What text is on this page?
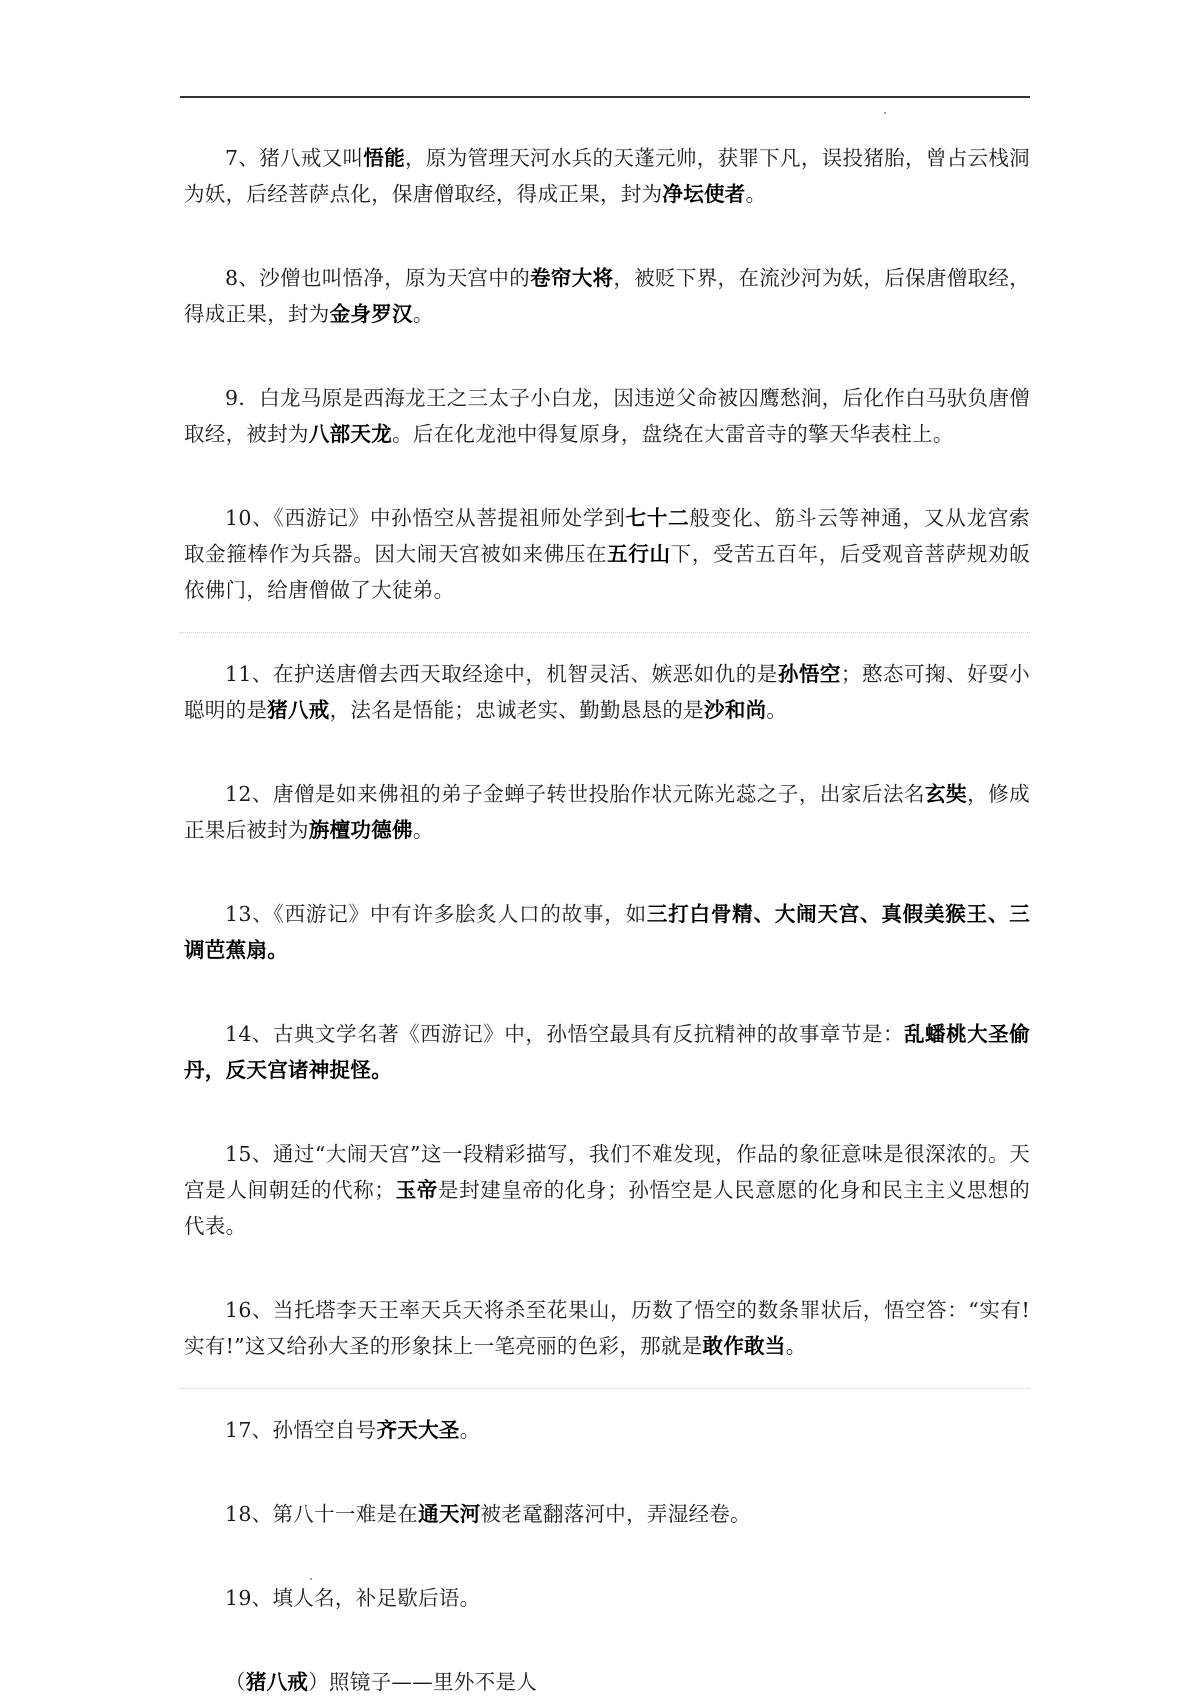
7、猪八戒又叫悟能，原为管理天河水兵的天蓬元帅，获罪下凡，误投猪胎，曾占云栈洞为妖，后经菩萨点化，保唐僧取经，得成正果，封为净坛使者。

8、沙僧也叫悟净，原为天宫中的卷帘大将，被贬下界，在流沙河为妖，后保唐僧取经，得成正果，封为金身罗汉。

9．白龙马原是西海龙王之三太子小白龙，因违逆父命被囚鹰愁涧，后化作白马驮负唐僧取经，被封为八部天龙。后在化龙池中得复原身，盘绕在大雷音寺的擎天华表柱上。

10、《西游记》中孙悟空从菩提祖师处学到七十二般变化、筋斗云等神通，又从龙宫索取金箍棒作为兵器。因大闹天宫被如来佛压在五行山下，受苦五百年，后受观音菩萨规劝皈依佛门，给唐僧做了大徒弟。

11、在护送唐僧去西天取经途中，机智灵活、嫉恶如仇的是孙悟空；憨态可掬、好耍小聪明的是猪八戒，法名是悟能；忠诚老实、勤勤恳恳的是沙和尚。

12、唐僧是如来佛祖的弟子金蝉子转世投胎作状元陈光蕊之子，出家后法名玄奘，修成正果后被封为旃檀功德佛。

13、《西游记》中有许多脍炙人口的故事，如三打白骨精、大闹天宫、真假美猴王、三调芭蕉扇。

14、古典文学名著《西游记》中，孙悟空最具有反抗精神的故事章节是：乱蟠桃大圣偷丹，反天宫诸神捉怪。

15、通过“大闹天宫”这一段精彩描写，我们不难发现，作品的象征意味是很深浓的。天宫是人间朝廷的代称；玉帝是封建皇帝的化身；孙悟空是人民意愿的化身和民主主义思想的代表。

16、当托塔李天王率天兵天将杀至花果山，历数了悟空的数条罪状后，悟空答：“实有!实有!”这又给孙大圣的形象抹上一笔亮丽的色彩，那就是敢作敢当。

17、孙悟空自号齐天大圣。

18、第八十一难是在通天河被老鼋翻落河中，弄湿经卷。

19、填人名，补足歇后语。

（猪八戒）照镜子——里外不是人
